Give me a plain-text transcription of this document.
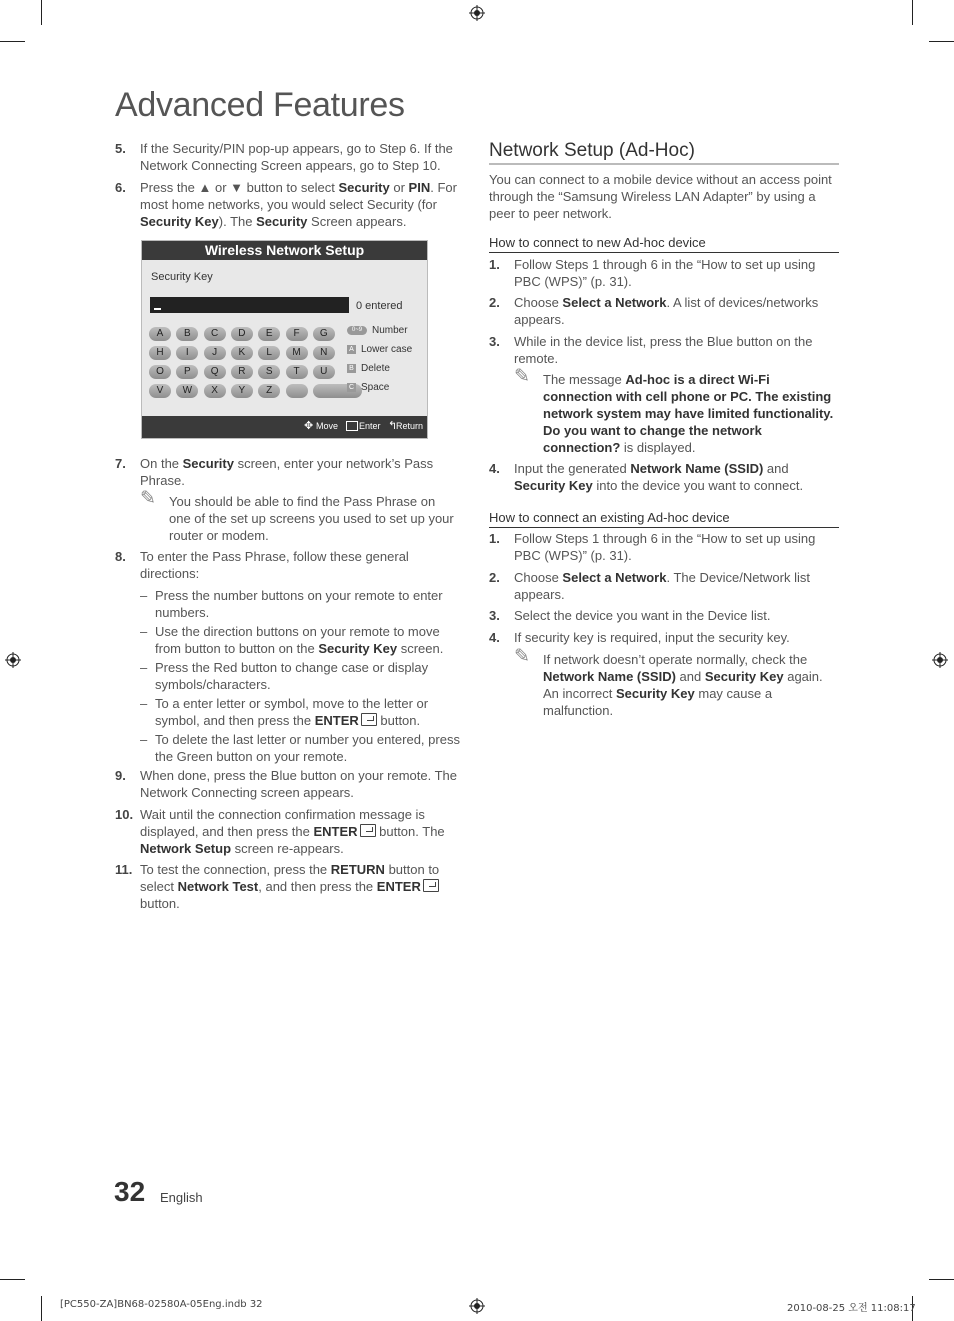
Advanced Features
5. If the Security/PIN pop-up appears, go to Step 6. If the Network Connecting Screen appears, go to Step 10.
6. Press the ▲ or ▼ button to select Security or PIN. For most home networks, you would select Security (for Security Key). The Security Screen appears.
Wireless Network Setup
Security Key
0 entered
A	B	C	D	E	F	G
H	I	J	K	L	M	N
O	P	Q	R	S	T	U
V	W	X	Y	Z
0~9 Number
A Lower case
B Delete
C Space
✥ Move Enter ↰
Return
7. On the Security screen, enter your network’s Pass Phrase.
✎ You should be able to find the Pass Phrase on one of the set up screens you used to set up your router or modem.
8. To enter the Pass Phrase, follow these general directions:
– Press the number buttons on your remote to enter numbers.
– Use the direction buttons on your remote to move from button to button on the Security Key screen.
– Press the Red button to change case or display symbols/characters.
– To a enter letter or symbol, move to the letter or symbol, and then press the ENTER button.
– To delete the last letter or number you entered, press the Green button on your remote.
9. When done, press the Blue button on your remote. The Network Connecting screen appears.
10. Wait until the connection confirmation message is displayed, and then press the ENTER button. The Network Setup screen re-appears.
11. To test the connection, press the RETURN button to select Network Test, and then press the ENTER button.
Network Setup (Ad-Hoc)
You can connect to a mobile device without an access point through the “Samsung Wireless LAN Adapter” by using a peer to peer network.
How to connect to new Ad-hoc device
1. Follow Steps 1 through 6 in the “How to set up using PBC (WPS)” (p. 31).
2. Choose Select a Network. A list of devices/networks appears.
3. While in the device list, press the Blue button on the remote.
✎ The message Ad-hoc is a direct Wi-Fi connection with cell phone or PC. The existing network system may have limited functionality. Do you want to change the network connection? is displayed.
4. Input the generated Network Name (SSID) and Security Key into the device you want to connect.
How to connect an existing Ad-hoc device
1. Follow Steps 1 through 6 in the “How to set up using PBC (WPS)” (p. 31).
2. Choose Select a Network. The Device/Network list appears.
3. Select the device you want in the Device list.
4. If security key is required, input the security key.
✎ If network doesn’t operate normally, check the Network Name (SSID) and Security Key again. An incorrect Security Key may cause a malfunction.
32 English
[PC550-ZA]BN68-02580A-05Eng.indb 32	2010-08-25 오전 11:08:17
